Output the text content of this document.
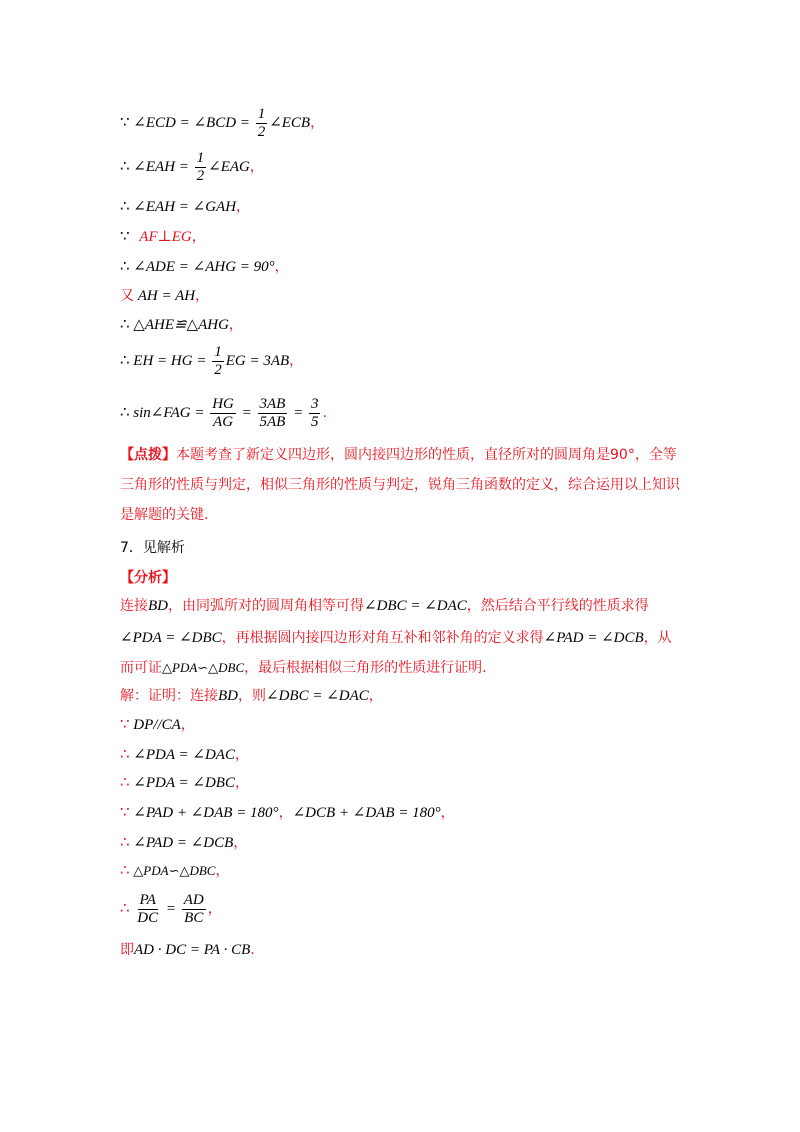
∵ ∠ECD = ∠BCD = $\frac{1}{2}$ ∠ECB，
∴ ∠EAH = $\frac{1}{2}$ ∠EAG，
∴ ∠EAH = ∠GAH，
∵ AF⊥EG，
∴ ∠ADE = ∠AHG = 90°，
又 AH = AH，
∴ △AHE≌△AHG，
∴ EH = HG = $\frac{1}{2}$ EG = 3AB，
∴ sin∠FAG = $\frac{HG}{AG} = \frac{3AB}{5AB} = \frac{3}{5}$ .
【点拨】本题考查了新定义四边形，圆内接四边形的性质，直径所对的圆周角是90°，全等三角形的性质与判定，相似三角形的性质与判定，锐角三角函数的定义，综合运用以上知识是解题的关键.
7．见解析
【分析】
连接BD，由同弧所对的圆周角相等可得∠DBC = ∠DAC，然后结合平行线的性质求得
∠PDA = ∠DBC，再根据圆内接四边形对角互补和邻补角的定义求得∠PAD = ∠DCB，从
而可证△PDA∽△DBC，最后根据相似三角形的性质进行证明.
解：证明：连接BD，则∠DBC = ∠DAC，
∵ DP//CA，
∴ ∠PDA = ∠DAC，
∴ ∠PDA = ∠DBC，
∵ ∠PAD + ∠DAB = 180°，∠DCB + ∠DAB = 180°，
∴ ∠PAD = ∠DCB，
∴ △PDA∽△DBC，
∴ $\frac{PA}{DC} = \frac{AD}{BC}$ ，
即AD · DC = PA · CB.
